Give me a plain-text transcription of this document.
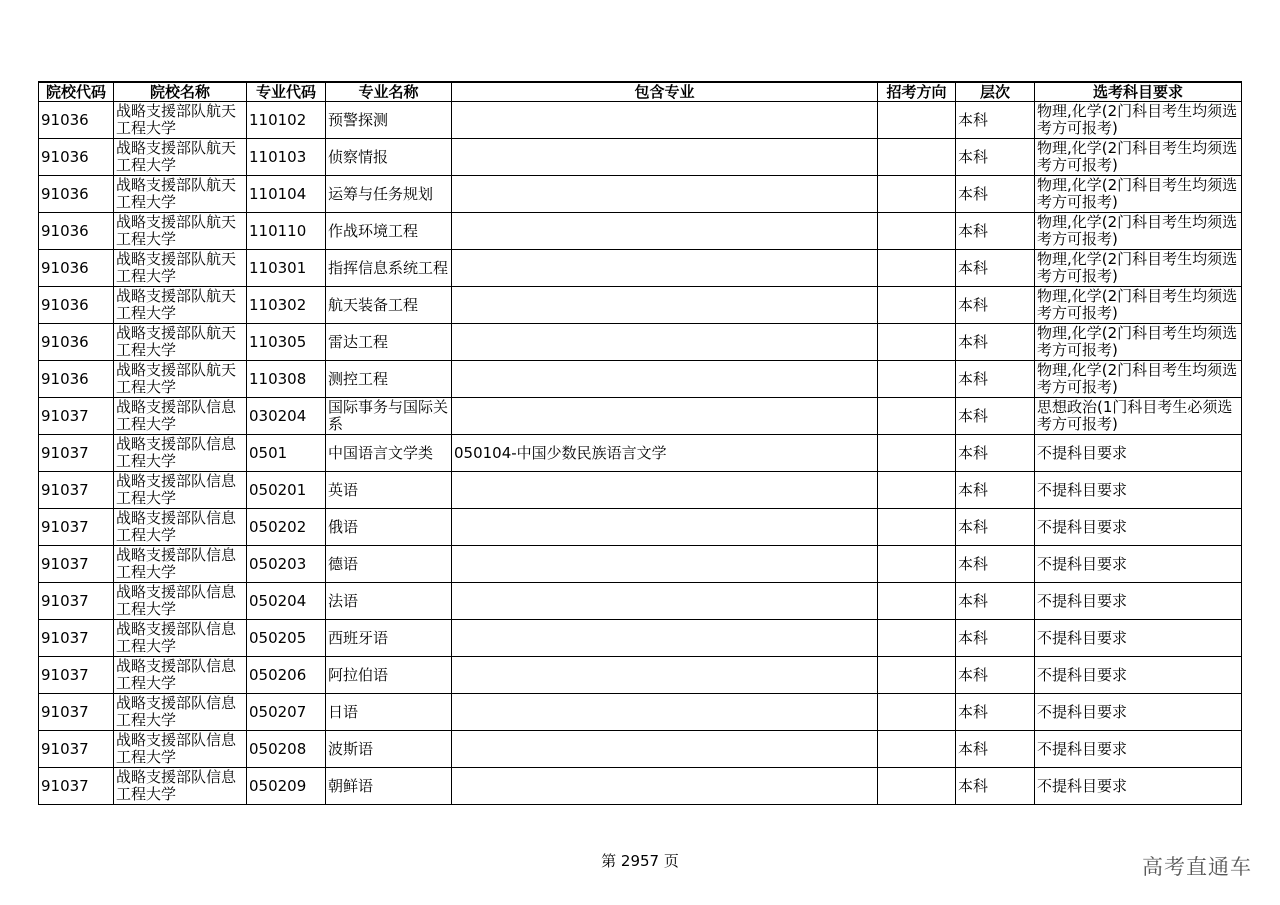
院校代码	院校名称	专业代码	专业名称	包含专业	招考方向	层次	选考科目要求
91036	战略支援部队航天工程大学	110102	预警探测			本科	物理,化学(2门科目考生均须选考方可报考)
91036	战略支援部队航天工程大学	110103	侦察情报			本科	物理,化学(2门科目考生均须选考方可报考)
91036	战略支援部队航天工程大学	110104	运筹与任务规划			本科	物理,化学(2门科目考生均须选考方可报考)
91036	战略支援部队航天工程大学	110110	作战环境工程			本科	物理,化学(2门科目考生均须选考方可报考)
91036	战略支援部队航天工程大学	110301	指挥信息系统工程			本科	物理,化学(2门科目考生均须选考方可报考)
91036	战略支援部队航天工程大学	110302	航天装备工程			本科	物理,化学(2门科目考生均须选考方可报考)
91036	战略支援部队航天工程大学	110305	雷达工程			本科	物理,化学(2门科目考生均须选考方可报考)
91036	战略支援部队航天工程大学	110308	测控工程			本科	物理,化学(2门科目考生均须选考方可报考)
91037	战略支援部队信息工程大学	030204	国际事务与国际关系			本科	思想政治(1门科目考生必须选考方可报考)
91037	战略支援部队信息工程大学	0501	中国语言文学类	050104-中国少数民族语言文学		本科	不提科目要求
91037	战略支援部队信息工程大学	050201	英语			本科	不提科目要求
91037	战略支援部队信息工程大学	050202	俄语			本科	不提科目要求
91037	战略支援部队信息工程大学	050203	德语			本科	不提科目要求
91037	战略支援部队信息工程大学	050204	法语			本科	不提科目要求
91037	战略支援部队信息工程大学	050205	西班牙语			本科	不提科目要求
91037	战略支援部队信息工程大学	050206	阿拉伯语			本科	不提科目要求
91037	战略支援部队信息工程大学	050207	日语			本科	不提科目要求
91037	战略支援部队信息工程大学	050208	波斯语			本科	不提科目要求
91037	战略支援部队信息工程大学	050209	朝鲜语			本科	不提科目要求
第 2957 页	高考直通车
